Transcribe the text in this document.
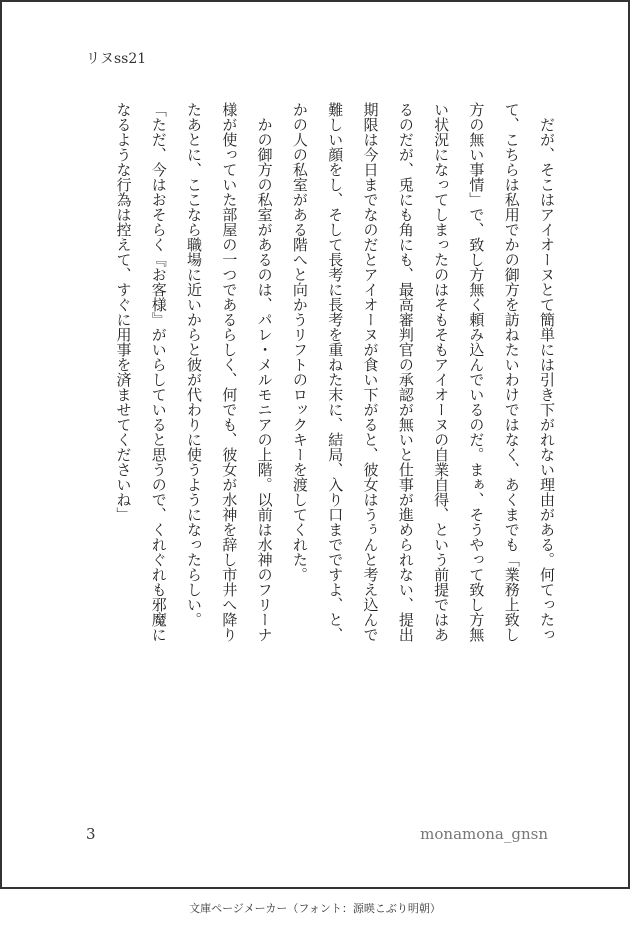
リヌss21
　だが、そこはアイオーヌとて簡単には引き下がれない理由がある。何てったっ
て、こちらは私用でかの御方を訪ねたいわけではなく、あくまでも「業務上致し
方の無い事情」で、致し方無く頼み込んでいるのだ。まぁ、そうやって致し方無
い状況になってしまったのはそもそもアイオーヌの自業自得、という前提ではあ
るのだが、兎にも角にも、最高審判官の承認が無いと仕事が進められない、提出
期限は今日までなのだとアイオーヌが食い下がると、彼女はうぅんと考え込んで
難しい顔をし、そして長考に長考を重ねた末に、結局、入り口までですよ、と、
かの人の私室がある階へと向かうリフトのロックキーを渡してくれた。
　かの御方の私室があるのは、パレ・メルモニアの上階。以前は水神のフリーナ
様が使っていた部屋の一つであるらしく、何でも、彼女が水神を辞し市井へ降り
たあとに、ここなら職場に近いからと彼が代わりに使うようになったらしい。
「ただ、今はおそらく『お客様』がいらしていると思うので、くれぐれも邪魔に
なるような行為は控えて、すぐに用事を済ませてくださいね」
3	monamona_gnsn
文庫ページメーカー（フォント：源暎こぶり明朝）
